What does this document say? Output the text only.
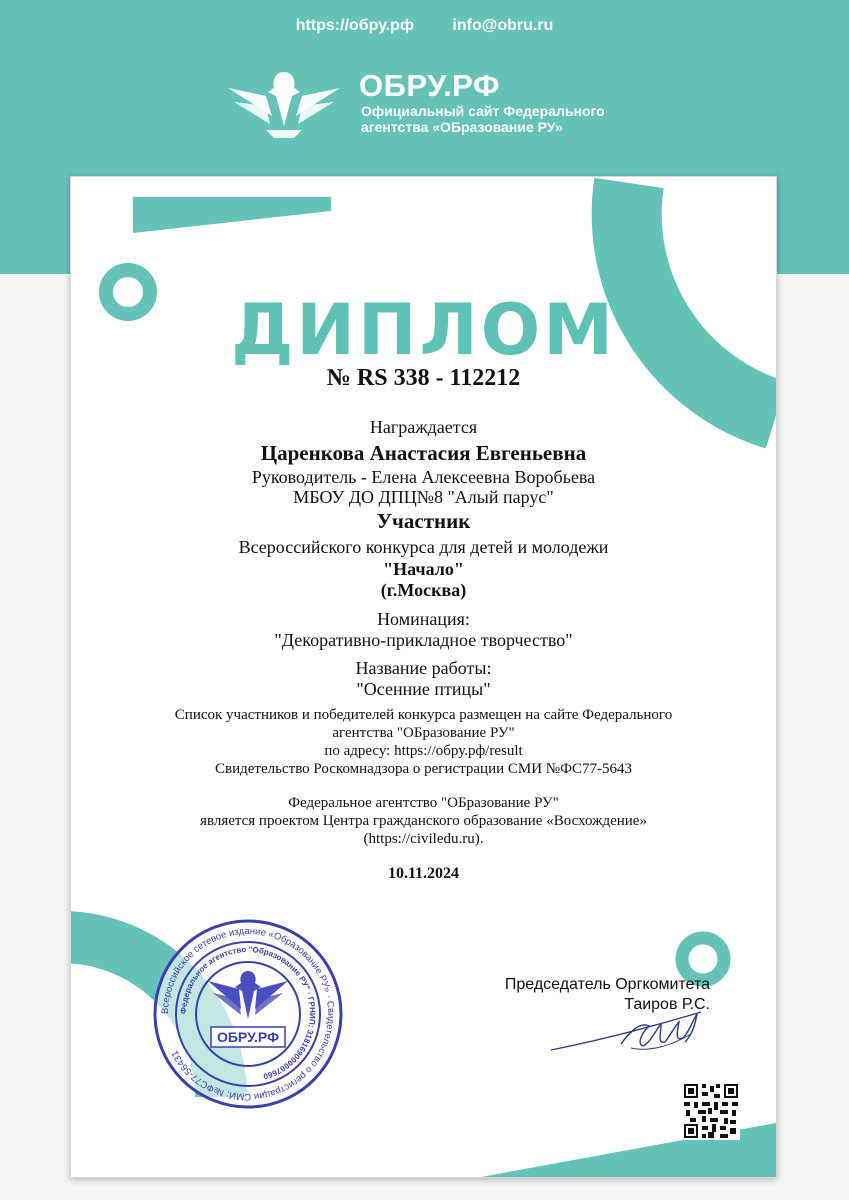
https://обру.рф info@obru.ru
ОБРУ.РФ
Официальный сайт Федерального
агентства «ОБразование РУ»
ДИПЛОМ
№ RS 338 - 112212
Награждается
Царенкова Анастасия Евгеньевна
Руководитель - Елена Алексеевна Воробьева
МБОУ ДО ДПЦ№8 "Алый парус"
Участник
Всероссийского конкурса для детей и молодежи
"Начало"
(г.Москва)
Номинация:
"Декоративно-прикладное творчество"
Название работы:
"Осенние птицы"
Список участников и победителей конкурса размещен на сайте Федерального
агентства "ОБразование РУ"
по адресу: https://обру.рф/result
Свидетельство Роскомнадзора о регистрации СМИ №ФС77-5643
Федеральное агентство "ОБразование РУ"
является проектом Центра гражданского образование «Восхождение»
(https://civiledu.ru).
10.11.2024
Всероссийское сетевое издание «Образование РУ» · Свидетельство о регистрации СМИ: №ФС77-56431
Федеральное агентство "Образование РУ" · ГРНИП: 318169000007660
ОБРУ.РФ
Председатель Оргкомитета
Таиров Р.С.
